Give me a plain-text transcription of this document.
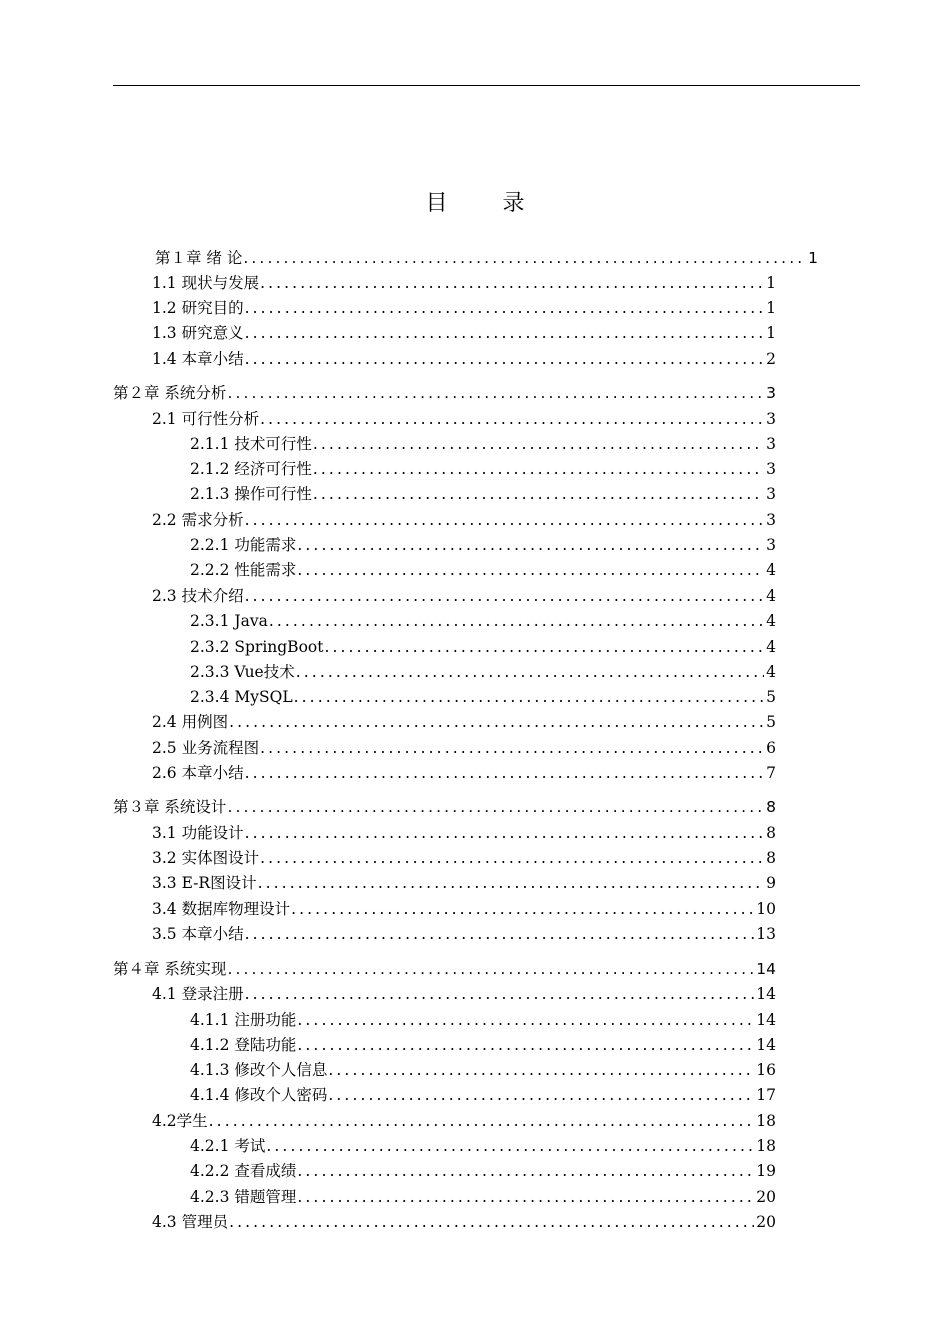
目 录
第１章 绪 论 .....	1
1.1 现状与发展 .....	1
1.2 研究目的 .....	1
1.3 研究意义 .....	1
1.4 本章小结 .....	2
第２章 系统分析 .....	3
2.1 可行性分析 .....	3
2.1.1 技术可行性 .....	3
2.1.2 经济可行性 .....	3
2.1.3 操作可行性 .....	3
2.2 需求分析 .....	3
2.2.1 功能需求 .....	3
2.2.2 性能需求 .....	4
2.3 技术介绍 .....	4
2.3.1 Java .....	4
2.3.2 SpringBoot .....	4
2.3.3 Vue技术 .....	4
2.3.4 MySQL .....	5
2.4 用例图 .....	5
2.5 业务流程图 .....	6
2.6 本章小结 .....	7
第３章 系统设计 .....	8
3.1 功能设计 .....	8
3.2 实体图设计 .....	8
3.3 E-R图设计 .....	9
3.4 数据库物理设计 .....	10
3.5 本章小结 .....	13
第４章 系统实现 .....	14
4.1 登录注册 .....	14
4.1.1 注册功能 .....	14
4.1.2 登陆功能 .....	14
4.1.3 修改个人信息 .....	16
4.1.4 修改个人密码 .....	17
4.2学生 .....	18
4.2.1 考试 .....	18
4.2.2 查看成绩 .....	19
4.2.3 错题管理 .....	20
4.3 管理员 .....	20
